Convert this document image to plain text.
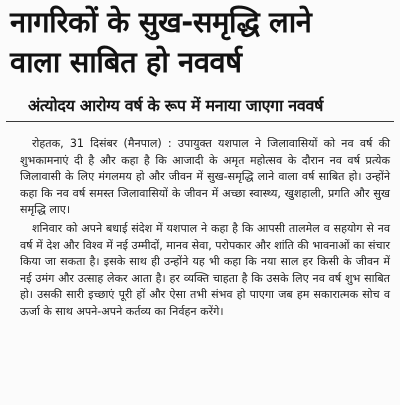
नागरिकों के सुख-समृद्धि लाने
वाला साबित हो नववर्ष
अंत्योदय आरोग्य वर्ष के रूप में मनाया जाएगा नववर्ष

रोहतक, 31 दिसंबर (मैनपाल) : उपायुक्त यशपाल ने जिलावासियों को नव वर्ष की शुभकामनाएं दी है और कहा है कि आजादी के अमृत महोत्सव के दौरान नव वर्ष प्रत्येक जिलावासी के लिए मंगलमय हो और जीवन में सुख-समृद्धि लाने वाला वर्ष साबित हो। उन्होंने कहा कि नव वर्ष समस्त जिलावासियों के जीवन में अच्छा स्वास्थ्य, खुशहाली, प्रगति और सुख समृद्धि लाए।

शनिवार को अपने बधाई संदेश में यशपाल ने कहा है कि आपसी तालमेल व सहयोग से नव वर्ष में देश और विश्व में नई उम्मीदों, मानव सेवा, परोपकार और शांति की भावनाओं का संचार किया जा सकता है। इसके साथ ही उन्होंने यह भी कहा कि नया साल हर किसी के जीवन में नई उमंग और उत्साह लेकर आता है। हर व्यक्ति चाहता है कि उसके लिए नव वर्ष शुभ साबित हो। उसकी सारी इच्छाएं पूरी हों और ऐसा तभी संभव हो पाएगा जब हम सकारात्मक सोच व ऊर्जा के साथ अपने-अपने कर्तव्य का निर्वहन करेंगे।
